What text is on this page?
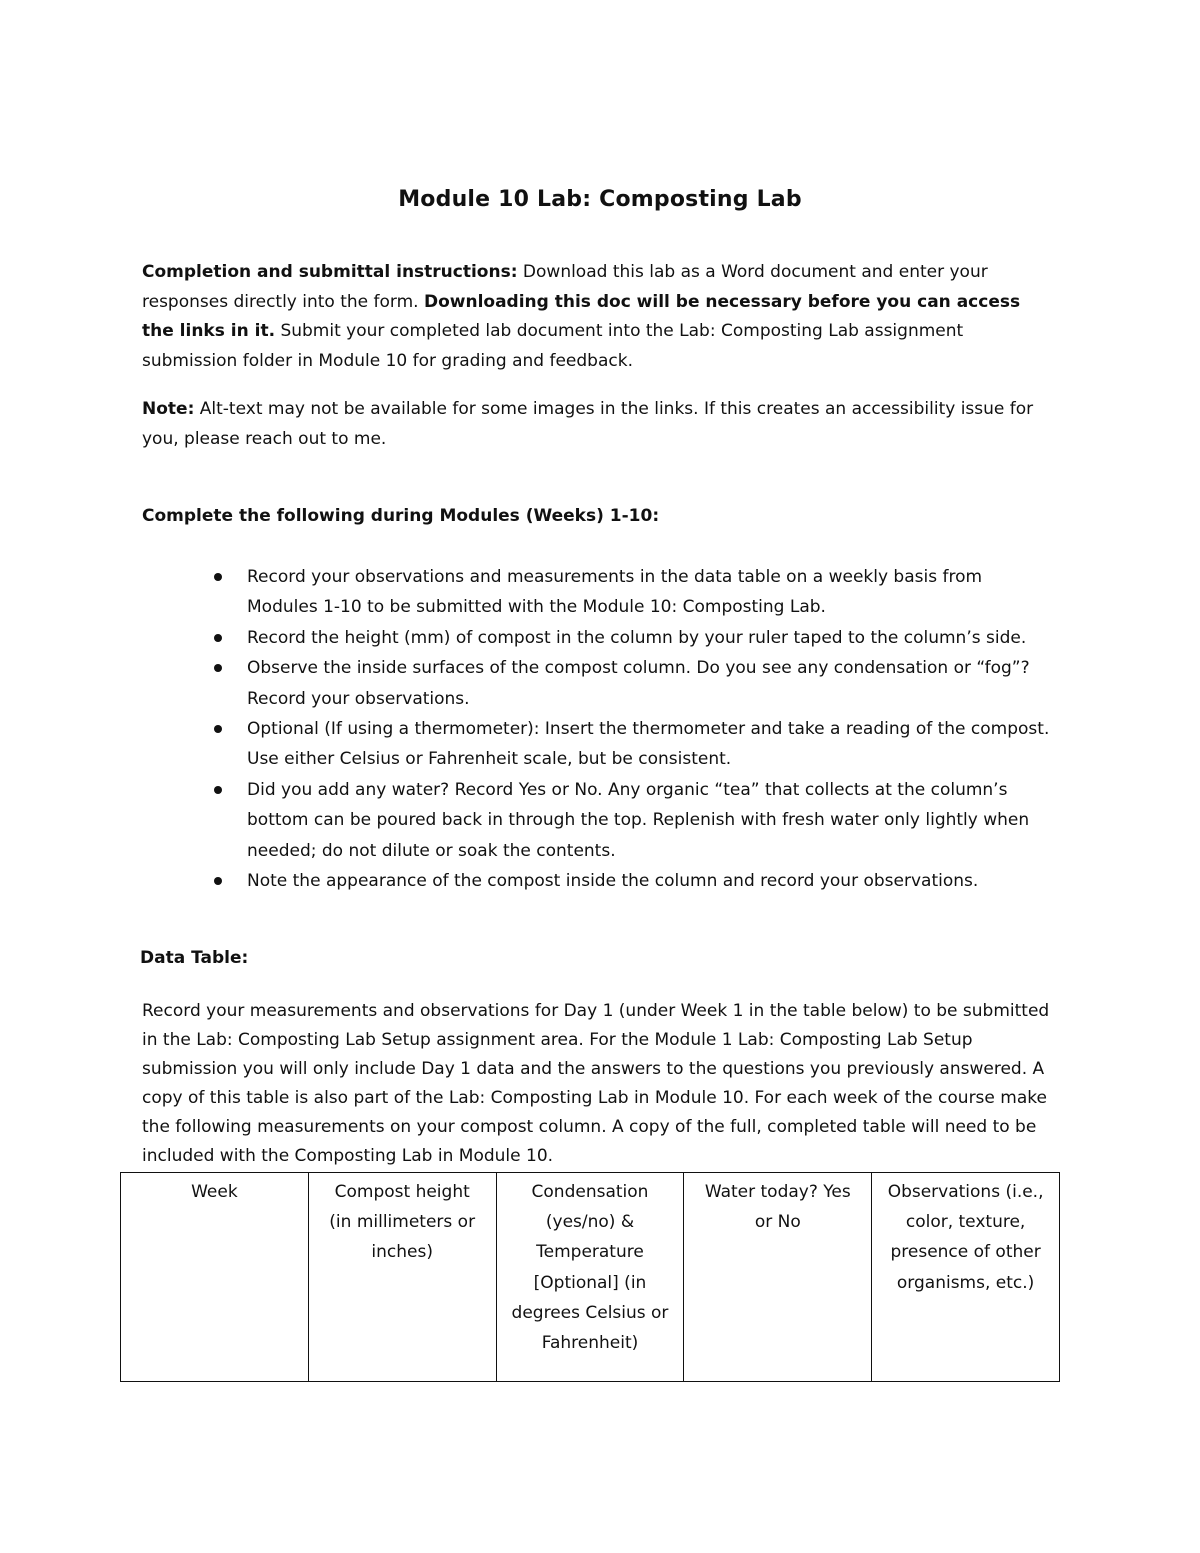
Module 10 Lab: Composting Lab

Completion and submittal instructions: Download this lab as a Word document and enter your responses directly into the form. Downloading this doc will be necessary before you can access the links in it. Submit your completed lab document into the Lab: Composting Lab assignment submission folder in Module 10 for grading and feedback.

Note: Alt-text may not be available for some images in the links. If this creates an accessibility issue for you, please reach out to me.

Complete the following during Modules (Weeks) 1-10:

Record your observations and measurements in the data table on a weekly basis from Modules 1-10 to be submitted with the Module 10: Composting Lab.
Record the height (mm) of compost in the column by your ruler taped to the column’s side.
Observe the inside surfaces of the compost column. Do you see any condensation or “fog”? Record your observations.
Optional (If using a thermometer): Insert the thermometer and take a reading of the compost. Use either Celsius or Fahrenheit scale, but be consistent.
Did you add any water? Record Yes or No. Any organic “tea” that collects at the column’s bottom can be poured back in through the top. Replenish with fresh water only lightly when needed; do not dilute or soak the contents.
Note the appearance of the compost inside the column and record your observations.

Data Table:

Record your measurements and observations for Day 1 (under Week 1 in the table below) to be submitted in the Lab: Composting Lab Setup assignment area. For the Module 1 Lab: Composting Lab Setup submission you will only include Day 1 data and the answers to the questions you previously answered. A copy of this table is also part of the Lab: Composting Lab in Module 10. For each week of the course make the following measurements on your compost column. A copy of the full, completed table will need to be included with the Composting Lab in Module 10.

Week	Compost height (in millimeters or inches)	Condensation (yes/no) & Temperature [Optional] (in degrees Celsius or Fahrenheit)	Water today? Yes or No	Observations (i.e., color, texture, presence of other organisms, etc.)
